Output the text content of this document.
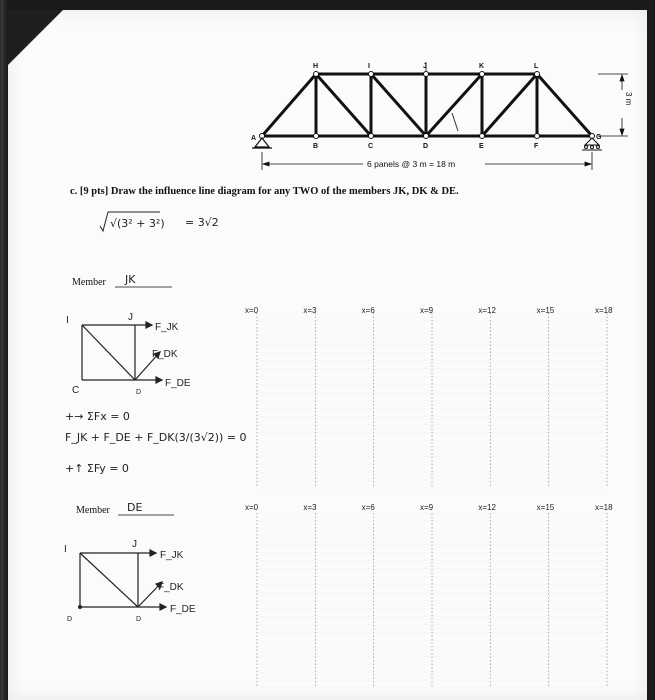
H	I	J	K	L
A
B	C	D	E	F
G
6 panels @ 3 m = 18 m
3 m
c. [9 pts] Draw the influence line diagram for any TWO of the members JK, DK & DE.
√(3² + 3²) = 3√2
Member JK
I	J
F_JK
F_DK
C	D
F_DE
+→ ΣFx = 0
F_JK + F_DE + F_DK(3/(3√2)) = 0
+↑ ΣFy = 0
Member DE
I	J
F_JK
F_DK
D	D
F_DE
x=0	x=3	x=6	x=9	x=12	x=15	x=18
x=0	x=3	x=6	x=9	x=12	x=15	x=18
